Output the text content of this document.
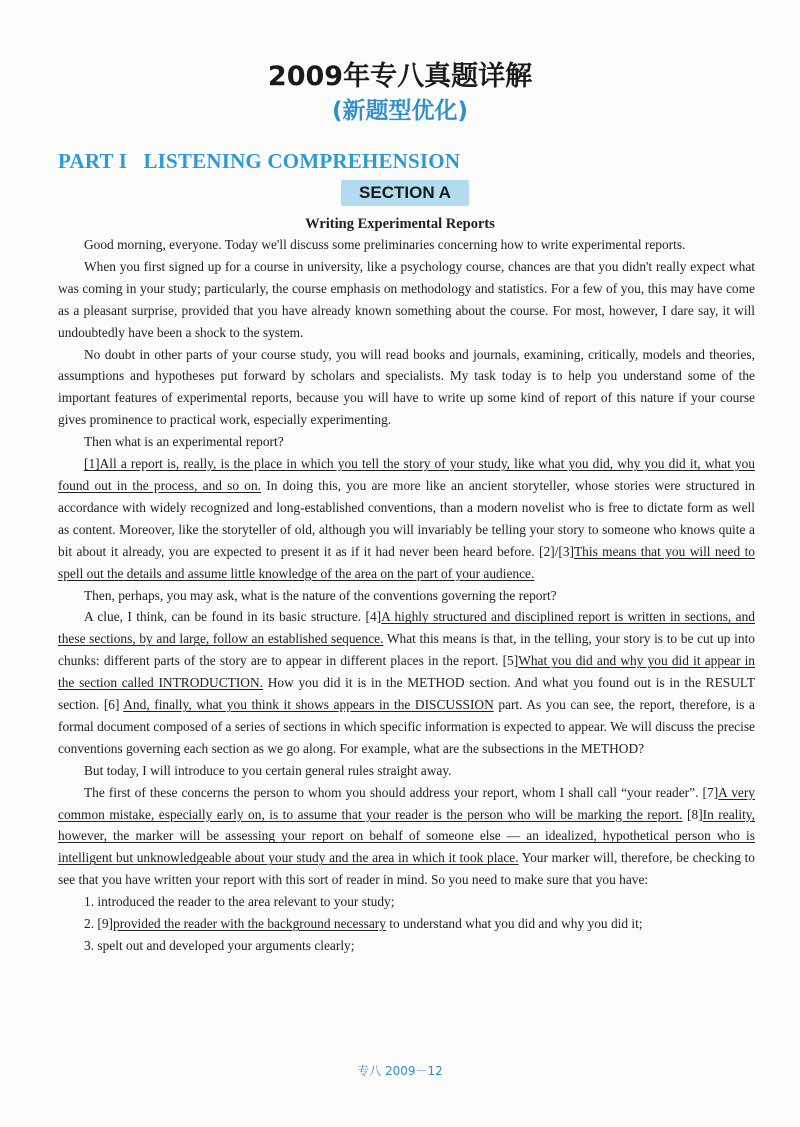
2009年专八真题详解
(新题型优化)
PART I   LISTENING COMPREHENSION
SECTION A
Writing Experimental Reports

Good morning, everyone. Today we'll discuss some preliminaries concerning how to write experimental reports.

When you first signed up for a course in university, like a psychology course, chances are that you didn't really expect what was coming in your study; particularly, the course emphasis on methodology and statistics. For a few of you, this may have come as a pleasant surprise, provided that you have already known something about the course. For most, however, I dare say, it will undoubtedly have been a shock to the system.

No doubt in other parts of your course study, you will read books and journals, examining, critically, models and theories, assumptions and hypotheses put forward by scholars and specialists. My task today is to help you understand some of the important features of experimental reports, because you will have to write up some kind of report of this nature if your course gives prominence to practical work, especially experimenting.

Then what is an experimental report?

[1]All a report is, really, is the place in which you tell the story of your study, like what you did, why you did it, what you found out in the process, and so on. In doing this, you are more like an ancient storyteller, whose stories were structured in accordance with widely recognized and long-established conventions, than a modern novelist who is free to dictate form as well as content. Moreover, like the storyteller of old, although you will invariably be telling your story to someone who knows quite a bit about it already, you are expected to present it as if it had never been heard before. [2]/[3]This means that you will need to spell out the details and assume little knowledge of the area on the part of your audience.

Then, perhaps, you may ask, what is the nature of the conventions governing the report?

A clue, I think, can be found in its basic structure. [4]A highly structured and disciplined report is written in sections, and these sections, by and large, follow an established sequence. What this means is that, in the telling, your story is to be cut up into chunks: different parts of the story are to appear in different places in the report. [5]What you did and why you did it appear in the section called INTRODUCTION. How you did it is in the METHOD section. And what you found out is in the RESULT section. [6] And, finally, what you think it shows appears in the DISCUSSION part. As you can see, the report, therefore, is a formal document composed of a series of sections in which specific information is expected to appear. We will discuss the precise conventions governing each section as we go along. For example, what are the subsections in the METHOD?

But today, I will introduce to you certain general rules straight away.

The first of these concerns the person to whom you should address your report, whom I shall call “your reader”. [7]A very common mistake, especially early on, is to assume that your reader is the person who will be marking the report. [8]In reality, however, the marker will be assessing your report on behalf of someone else — an idealized, hypothetical person who is intelligent but unknowledgeable about your study and the area in which it took place. Your marker will, therefore, be checking to see that you have written your report with this sort of reader in mind. So you need to make sure that you have:

1. introduced the reader to the area relevant to your study;

2. [9]provided the reader with the background necessary to understand what you did and why you did it;

3. spelt out and developed your arguments clearly;

专八 2009－12
